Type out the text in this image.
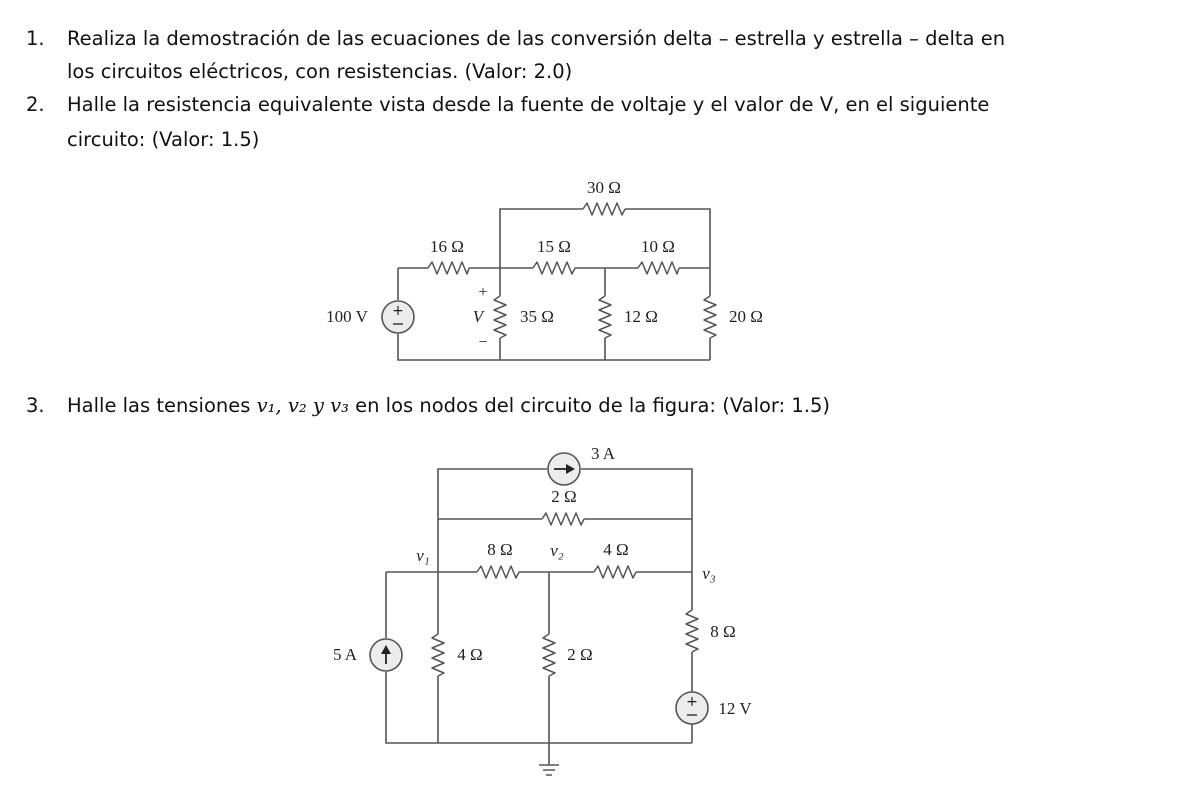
1.	Realiza la demostración de las ecuaciones de las conversión delta – estrella y estrella – delta en
los circuitos eléctricos, con resistencias. (Valor: 2.0)
2.	Halle la resistencia equivalente vista desde la fuente de voltaje y el valor de V, en el siguiente
circuito: (Valor: 1.5)
3.	Halle las tensiones v₁, v₂ y v₃ en los nodos del circuito de la figura: (Valor: 1.5)
+
30 Ω
16 Ω	15 Ω	10 Ω
100 V
+
V
−
35 Ω	12 Ω	20 Ω
+
3 A
2 Ω
v₁	8 Ω v₂ 4 Ω
v₃
5 A	4 Ω	2 Ω
8 Ω
12 V
